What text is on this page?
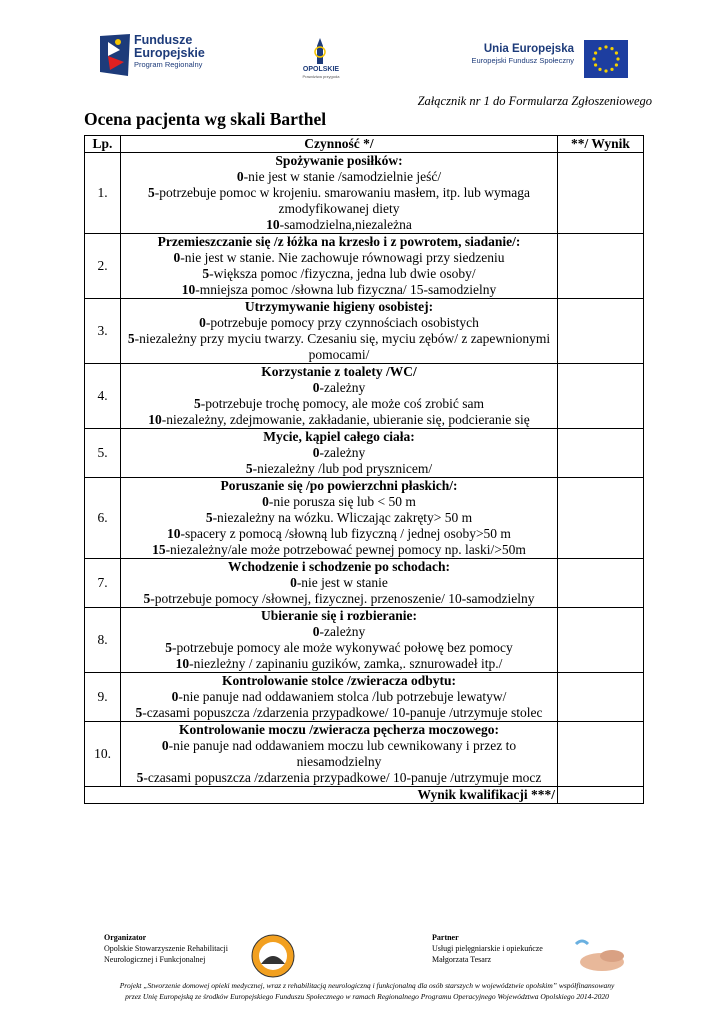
Fundusze
Europejskie
Program Regionalny
OPOLSKIE
Prawdziwa przygoda
Unia Europejska
Europejski Fundusz Społeczny
Załącznik nr 1 do Formularza Zgłoszeniowego
Ocena pacjenta wg skali Barthel
Lp.	Czynność */	**/ Wynik
1.	Spożywanie posiłków:
0-nie jest w stanie /samodzielnie jeść/
5-potrzebuje pomoc w krojeniu. smarowaniu masłem, itp. lub wymaga zmodyfikowanej diety
10-samodzielna,niezależna	

2.	Przemieszczanie się /z łóżka na krzesło i z powrotem, siadanie/:
0-nie jest w stanie. Nie zachowuje równowagi przy siedzeniu
5-większa pomoc /fizyczna, jedna lub dwie osoby/
10-mniejsza pomoc /słowna lub fizyczna/ 15-samodzielny	

3.	Utrzymywanie higieny osobistej:
0-potrzebuje pomocy przy czynnościach osobistych
5-niezależny przy myciu twarzy. Czesaniu się, myciu zębów/ z zapewnionymi pomocami/	

4.	Korzystanie z toalety /WC/
0-zależny
5-potrzebuje trochę pomocy, ale może coś zrobić sam
10-niezależny, zdejmowanie, zakładanie, ubieranie się, podcieranie się	

5.	Mycie, kąpiel całego ciała:
0-zależny
5-niezależny /lub pod prysznicem/	

6.	Poruszanie się /po powierzchni płaskich/:
0-nie porusza się lub < 50 m
5-niezależny na wózku. Wliczając zakręty> 50 m
10-spacery z pomocą /słowną lub fizyczną / jednej osoby>50 m
15-niezależny/ale może potrzebować pewnej pomocy np. laski/>50m	

7.	Wchodzenie i schodzenie po schodach:
0-nie jest w stanie
5-potrzebuje pomocy /słownej, fizycznej. przenoszenie/ 10-samodzielny	

8.	Ubieranie się i rozbieranie:
0-zależny
5-potrzebuje pomocy ale może wykonywać połowę bez pomocy
10-niezleżny / zapinaniu guzików, zamka,. sznurowadeł itp./	

9.	Kontrolowanie stolce /zwieracza odbytu:
0-nie panuje nad oddawaniem stolca /lub potrzebuje lewatyw/
5-czasami popuszcza /zdarzenia przypadkowe/ 10-panuje /utrzymuje stolec	

10.	Kontrolowanie moczu /zwieracza pęcherza moczowego:
0-nie panuje nad oddawaniem moczu lub cewnikowany i przez to niesamodzielny
5-czasami popuszcza /zdarzenia przypadkowe/ 10-panuje /utrzymuje mocz	

	Wynik kwalifikacji ***/	
Organizator
Opolskie Stowarzyszenie Rehabilitacji
Neurologicznej i Funkcjonalnej
Partner
Usługi pielęgniarskie i opiekuńcze
Małgorzata Tesarz
Projekt „Stworzenie domowej opieki medycznej, wraz z rehabilitacją neurologiczną i funkcjonalną dla osób starszych w województwie opolskim” współfinansowany
przez Unię Europejską ze środków Europejskiego Funduszu Społecznego w ramach Regionalnego Programu Operacyjnego Województwa Opolskiego 2014-2020
